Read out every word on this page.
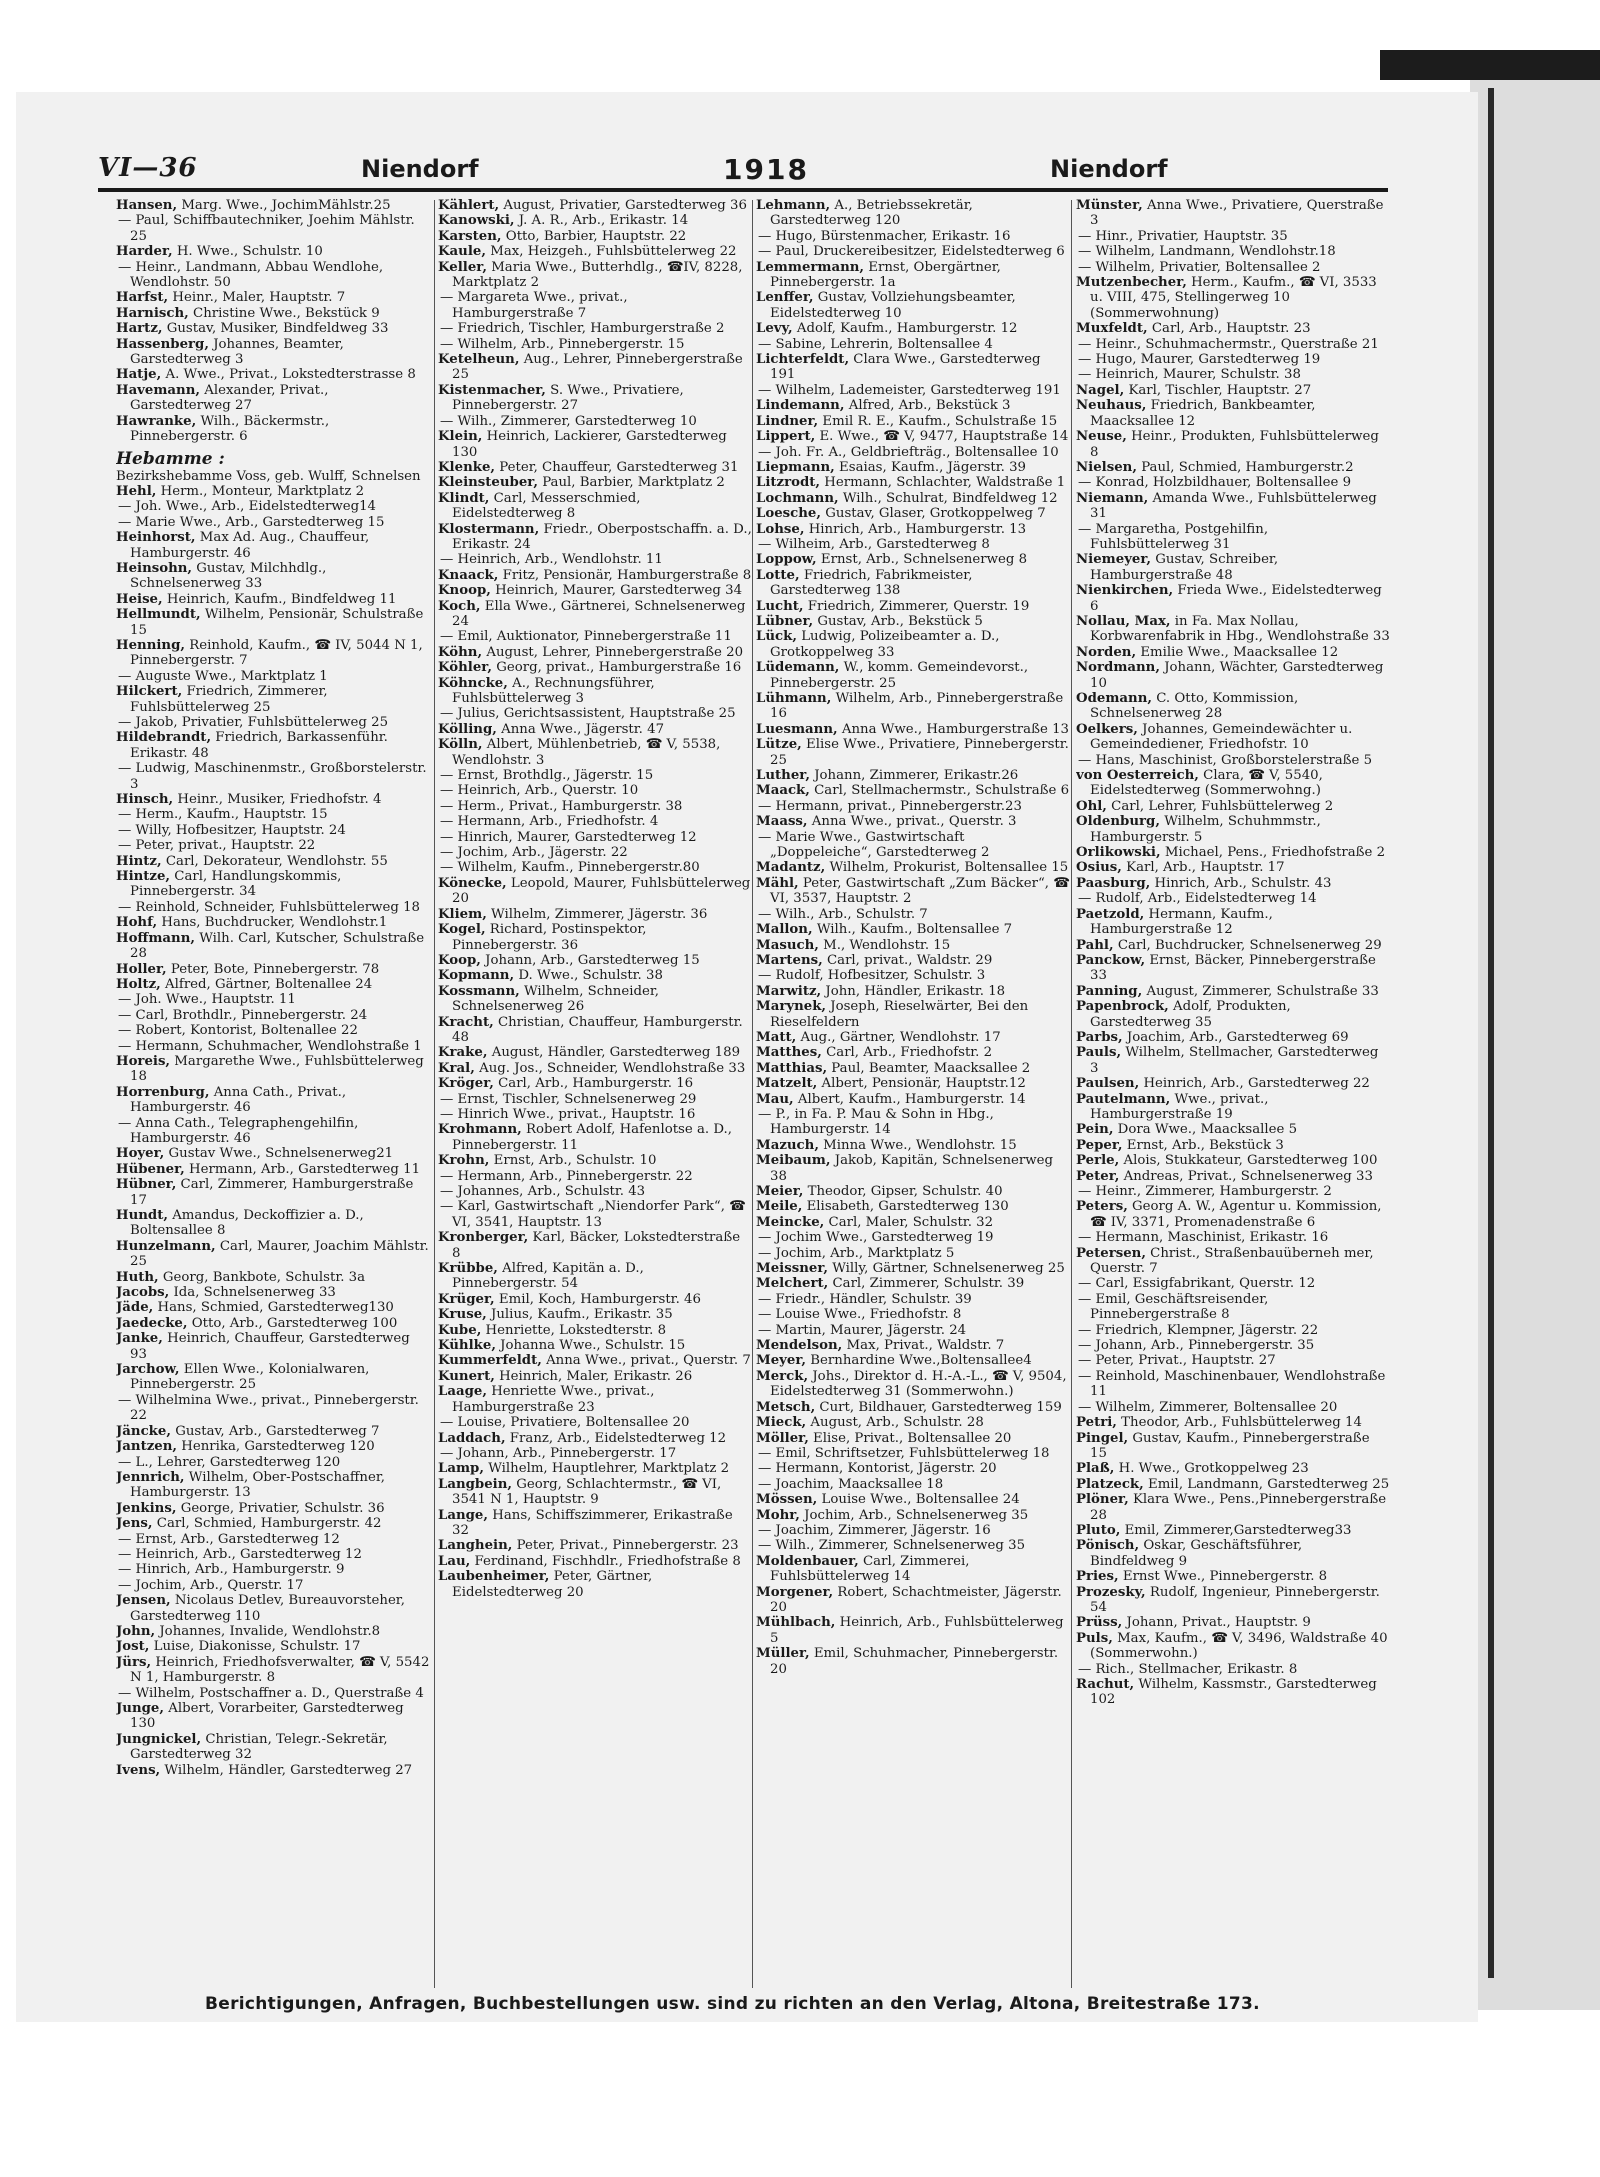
VI—36	Niendorf	1918	Niendorf

Hansen, Marg. Wwe., JochimMählstr.25

— Paul, Schiffbautechniker, Joehim Mählstr. 25

Harder, H. Wwe., Schulstr. 10

— Heinr., Landmann, Abbau Wendlohe, Wendlohstr. 50

Harfst, Heinr., Maler, Hauptstr. 7

Harnisch, Christine Wwe., Bekstück 9

Hartz, Gustav, Musiker, Bindfeldweg 33

Hassenberg, Johannes, Beamter, Garstedterweg 3

Hatje, A. Wwe., Privat., Lokstedterstrasse 8

Havemann, Alexander, Privat., Garstedterweg 27

Hawranke, Wilh., Bäckermstr., Pinnebergerstr. 6

Hebamme :

Bezirkshebamme Voss, geb. Wulff, Schnelsen

Hehl, Herm., Monteur, Marktplatz 2

— Joh. Wwe., Arb., Eidelstedterweg14

— Marie Wwe., Arb., Garstedterweg 15

Heinhorst, Max Ad. Aug., Chauffeur, Hamburgerstr. 46

Heinsohn, Gustav, Milchhdlg., Schnelsenerweg 33

Heise, Heinrich, Kaufm., Bindfeldweg 11

Hellmundt, Wilhelm, Pensionär, Schulstraße 15

Henning, Reinhold, Kaufm., ☎ IV, 5044 N 1, Pinnebergerstr. 7

— Auguste Wwe., Marktplatz 1

Hilckert, Friedrich, Zimmerer, Fuhlsbüttelerweg 25

— Jakob, Privatier, Fuhlsbüttelerweg 25

Hildebrandt, Friedrich, Barkassenführ. Erikastr. 48

— Ludwig, Maschinenmstr., Großborstelerstr. 3

Hinsch, Heinr., Musiker, Friedhofstr. 4

— Herm., Kaufm., Hauptstr. 15

— Willy, Hofbesitzer, Hauptstr. 24

— Peter, privat., Hauptstr. 22

Hintz, Carl, Dekorateur, Wendlohstr. 55

Hintze, Carl, Handlungskommis, Pinnebergerstr. 34

— Reinhold, Schneider, Fuhlsbüttelerweg 18

Hohf, Hans, Buchdrucker, Wendlohstr.1

Hoffmann, Wilh. Carl, Kutscher, Schulstraße 28

Holler, Peter, Bote, Pinnebergerstr. 78

Holtz, Alfred, Gärtner, Boltenallee 24

— Joh. Wwe., Hauptstr. 11

— Carl, Brothdlr., Pinnebergerstr. 24

— Robert, Kontorist, Boltenallee 22

— Hermann, Schuhmacher, Wendlohstraße 1

Horeis, Margarethe Wwe., Fuhlsbüttelerweg 18

Horrenburg, Anna Cath., Privat., Hamburgerstr. 46

— Anna Cath., Telegraphengehilfin, Hamburgerstr. 46

Hoyer, Gustav Wwe., Schnelsenerweg21

Hübener, Hermann, Arb., Garstedterweg 11

Hübner, Carl, Zimmerer, Hamburgerstraße 17

Hundt, Amandus, Deckoffizier a. D., Boltensallee 8

Hunzelmann, Carl, Maurer, Joachim Mählstr. 25

Huth, Georg, Bankbote, Schulstr. 3a

Jacobs, Ida, Schnelsenerweg 33

Jäde, Hans, Schmied, Garstedterweg130

Jaedecke, Otto, Arb., Garstedterweg 100

Janke, Heinrich, Chauffeur, Garstedterweg 93

Jarchow, Ellen Wwe., Kolonialwaren, Pinnebergerstr. 25

— Wilhelmina Wwe., privat., Pinnebergerstr. 22

Jäncke, Gustav, Arb., Garstedterweg 7

Jantzen, Henrika, Garstedterweg 120

— L., Lehrer, Garstedterweg 120

Jennrich, Wilhelm, Ober-Postschaffner, Hamburgerstr. 13

Jenkins, George, Privatier, Schulstr. 36

Jens, Carl, Schmied, Hamburgerstr. 42

— Ernst, Arb., Garstedterweg 12

— Heinrich, Arb., Garstedterweg 12

— Hinrich, Arb., Hamburgerstr. 9

— Jochim, Arb., Querstr. 17

Jensen, Nicolaus Detlev, Bureauvorsteher, Garstedterweg 110

John, Johannes, Invalide, Wendlohstr.8

Jost, Luise, Diakonisse, Schulstr. 17

Jürs, Heinrich, Friedhofsverwalter, ☎ V, 5542 N 1, Hamburgerstr. 8

— Wilhelm, Postschaffner a. D., Querstraße 4

Junge, Albert, Vorarbeiter, Garstedterweg 130

Jungnickel, Christian, Telegr.-Sekretär, Garstedterweg 32

Ivens, Wilhelm, Händler, Garstedterweg 27

Kählert, August, Privatier, Garstedterweg 36

Kanowski, J. A. R., Arb., Erikastr. 14

Karsten, Otto, Barbier, Hauptstr. 22

Kaule, Max, Heizgeh., Fuhlsbüttelerweg 22

Keller, Maria Wwe., Butterhdlg., ☎IV, 8228, Marktplatz 2

— Margareta Wwe., privat., Hamburgerstraße 7

— Friedrich, Tischler, Hamburgerstraße 2

— Wilhelm, Arb., Pinnebergerstr. 15

Ketelheun, Aug., Lehrer, Pinnebergerstraße 25

Kistenmacher, S. Wwe., Privatiere, Pinnebergerstr. 27

— Wilh., Zimmerer, Garstedterweg 10

Klein, Heinrich, Lackierer, Garstedterweg 130

Klenke, Peter, Chauffeur, Garstedterweg 31

Kleinsteuber, Paul, Barbier, Marktplatz 2

Klindt, Carl, Messerschmied, Eidelstedterweg 8

Klostermann, Friedr., Oberpostschaffn. a. D., Erikastr. 24

— Heinrich, Arb., Wendlohstr. 11

Knaack, Fritz, Pensionär, Hamburgerstraße 8

Knoop, Heinrich, Maurer, Garstedterweg 34

Koch, Ella Wwe., Gärtnerei, Schnelsenerweg 24

— Emil, Auktionator, Pinnebergerstraße 11

Köhn, August, Lehrer, Pinnebergerstraße 20

Köhler, Georg, privat., Hamburgerstraße 16

Köhncke, A., Rechnungsführer, Fuhlsbüttelerweg 3

— Julius, Gerichtsassistent, Hauptstraße 25

Kölling, Anna Wwe., Jägerstr. 47

Kölln, Albert, Mühlenbetrieb, ☎ V, 5538, Wendlohstr. 3

— Ernst, Brothdlg., Jägerstr. 15

— Heinrich, Arb., Querstr. 10

— Herm., Privat., Hamburgerstr. 38

— Hermann, Arb., Friedhofstr. 4

— Hinrich, Maurer, Garstedterweg 12

— Jochim, Arb., Jägerstr. 22

— Wilhelm, Kaufm., Pinnebergerstr.80

Könecke, Leopold, Maurer, Fuhlsbüttelerweg 20

Kliem, Wilhelm, Zimmerer, Jägerstr. 36

Kogel, Richard, Postinspektor, Pinnebergerstr. 36

Koop, Johann, Arb., Garstedterweg 15

Kopmann, D. Wwe., Schulstr. 38

Kossmann, Wilhelm, Schneider, Schnelsenerweg 26

Kracht, Christian, Chauffeur, Hamburgerstr. 48

Krake, August, Händler, Garstedterweg 189

Kral, Aug. Jos., Schneider, Wendlohstraße 33

Kröger, Carl, Arb., Hamburgerstr. 16

— Ernst, Tischler, Schnelsenerweg 29

— Hinrich Wwe., privat., Hauptstr. 16

Krohmann, Robert Adolf, Hafenlotse a. D., Pinnebergerstr. 11

Krohn, Ernst, Arb., Schulstr. 10

— Hermann, Arb., Pinnebergerstr. 22

— Johannes, Arb., Schulstr. 43

— Karl, Gastwirtschaft „Niendorfer Park“, ☎ VI, 3541, Hauptstr. 13

Kronberger, Karl, Bäcker, Lokstedterstraße 8

Krübbe, Alfred, Kapitän a. D., Pinnebergerstr. 54

Krüger, Emil, Koch, Hamburgerstr. 46

Kruse, Julius, Kaufm., Erikastr. 35

Kube, Henriette, Lokstedterstr. 8

Kühlke, Johanna Wwe., Schulstr. 15

Kummerfeldt, Anna Wwe., privat., Querstr. 7

Kunert, Heinrich, Maler, Erikastr. 26

Laage, Henriette Wwe., privat., Hamburgerstraße 23

— Louise, Privatiere, Boltensallee 20

Laddach, Franz, Arb., Eidelstedterweg 12

— Johann, Arb., Pinnebergerstr. 17

Lamp, Wilhelm, Hauptlehrer, Marktplatz 2

Langbein, Georg, Schlachtermstr., ☎ VI, 3541 N 1, Hauptstr. 9

Lange, Hans, Schiffszimmerer, Erikastraße 32

Langhein, Peter, Privat., Pinnebergerstr. 23

Lau, Ferdinand, Fischhdlr., Friedhofstraße 8

Laubenheimer, Peter, Gärtner, Eidelstedterweg 20

Lehmann, A., Betriebssekretär, Garstedterweg 120

— Hugo, Bürstenmacher, Erikastr. 16

— Paul, Druckereibesitzer, Eidelstedterweg 6

Lemmermann, Ernst, Obergärtner, Pinnebergerstr. 1a

Lenffer, Gustav, Vollziehungsbeamter, Eidelstedterweg 10

Levy, Adolf, Kaufm., Hamburgerstr. 12

— Sabine, Lehrerin, Boltensallee 4

Lichterfeldt, Clara Wwe., Garstedterweg 191

— Wilhelm, Lademeister, Garstedterweg 191

Lindemann, Alfred, Arb., Bekstück 3

Lindner, Emil R. E., Kaufm., Schulstraße 15

Lippert, E. Wwe., ☎ V, 9477, Hauptstraße 14

— Joh. Fr. A., Geldbriefträg., Boltensallee 10

Liepmann, Esaias, Kaufm., Jägerstr. 39

Litzrodt, Hermann, Schlachter, Waldstraße 1

Lochmann, Wilh., Schulrat, Bindfeldweg 12

Loesche, Gustav, Glaser, Grotkoppelweg 7

Lohse, Hinrich, Arb., Hamburgerstr. 13

— Wilheim, Arb., Garstedterweg 8

Loppow, Ernst, Arb., Schnelsenerweg 8

Lotte, Friedrich, Fabrikmeister, Garstedterweg 138

Lucht, Friedrich, Zimmerer, Querstr. 19

Lübner, Gustav, Arb., Bekstück 5

Lück, Ludwig, Polizeibeamter a. D., Grotkoppelweg 33

Lüdemann, W., komm. Gemeindevorst., Pinnebergerstr. 25

Lühmann, Wilhelm, Arb., Pinnebergerstraße 16

Luesmann, Anna Wwe., Hamburgerstraße 13

Lütze, Elise Wwe., Privatiere, Pinnebergerstr. 25

Luther, Johann, Zimmerer, Erikastr.26

Maack, Carl, Stellmachermstr., Schulstraße 6

— Hermann, privat., Pinnebergerstr.23

Maass, Anna Wwe., privat., Querstr. 3

— Marie Wwe., Gastwirtschaft „Doppeleiche“, Garstedterweg 2

Madantz, Wilhelm, Prokurist, Boltensallee 15

Mähl, Peter, Gastwirtschaft „Zum Bäcker“, ☎ VI, 3537, Hauptstr. 2

— Wilh., Arb., Schulstr. 7

Mallon, Wilh., Kaufm., Boltensallee 7

Masuch, M., Wendlohstr. 15

Martens, Carl, privat., Waldstr. 29

— Rudolf, Hofbesitzer, Schulstr. 3

Marwitz, John, Händler, Erikastr. 18

Marynek, Joseph, Rieselwärter, Bei den Rieselfeldern

Matt, Aug., Gärtner, Wendlohstr. 17

Matthes, Carl, Arb., Friedhofstr. 2

Matthias, Paul, Beamter, Maacksallee 2

Matzelt, Albert, Pensionär, Hauptstr.12

Mau, Albert, Kaufm., Hamburgerstr. 14

— P., in Fa. P. Mau & Sohn in Hbg., Hamburgerstr. 14

Mazuch, Minna Wwe., Wendlohstr. 15

Meibaum, Jakob, Kapitän, Schnelsenerweg 38

Meier, Theodor, Gipser, Schulstr. 40

Meile, Elisabeth, Garstedterweg 130

Meincke, Carl, Maler, Schulstr. 32

— Jochim Wwe., Garstedterweg 19

— Jochim, Arb., Marktplatz 5

Meissner, Willy, Gärtner, Schnelsenerweg 25

Melchert, Carl, Zimmerer, Schulstr. 39

— Friedr., Händler, Schulstr. 39

— Louise Wwe., Friedhofstr. 8

— Martin, Maurer, Jägerstr. 24

Mendelson, Max, Privat., Waldstr. 7

Meyer, Bernhardine Wwe.,Boltensallee4

Merck, Johs., Direktor d. H.-A.-L., ☎ V, 9504, Eidelstedterweg 31 (Sommerwohn.)

Metsch, Curt, Bildhauer, Garstedterweg 159

Mieck, August, Arb., Schulstr. 28

Möller, Elise, Privat., Boltensallee 20

— Emil, Schriftsetzer, Fuhlsbüttelerweg 18

— Hermann, Kontorist, Jägerstr. 20

— Joachim, Maacksallee 18

Mössen, Louise Wwe., Boltensallee 24

Mohr, Jochim, Arb., Schnelsenerweg 35

— Joachim, Zimmerer, Jägerstr. 16

— Wilh., Zimmerer, Schnelsenerweg 35

Moldenbauer, Carl, Zimmerei, Fuhlsbüttelerweg 14

Morgener, Robert, Schachtmeister, Jägerstr. 20

Mühlbach, Heinrich, Arb., Fuhlsbüttelerweg 5

Müller, Emil, Schuhmacher, Pinnebergerstr. 20

Münster, Anna Wwe., Privatiere, Querstraße 3

— Hinr., Privatier, Hauptstr. 35

— Wilhelm, Landmann, Wendlohstr.18

— Wilhelm, Privatier, Boltensallee 2

Mutzenbecher, Herm., Kaufm., ☎ VI, 3533 u. VIII, 475, Stellingerweg 10 (Sommerwohnung)

Muxfeldt, Carl, Arb., Hauptstr. 23

— Heinr., Schuhmachermstr., Querstraße 21

— Hugo, Maurer, Garstedterweg 19

— Heinrich, Maurer, Schulstr. 38

Nagel, Karl, Tischler, Hauptstr. 27

Neuhaus, Friedrich, Bankbeamter, Maacksallee 12

Neuse, Heinr., Produkten, Fuhlsbüttelerweg 8

Nielsen, Paul, Schmied, Hamburgerstr.2

— Konrad, Holzbildhauer, Boltensallee 9

Niemann, Amanda Wwe., Fuhlsbüttelerweg 31

— Margaretha, Postgehilfin, Fuhlsbüttelerweg 31

Niemeyer, Gustav, Schreiber, Hamburgerstraße 48

Nienkirchen, Frieda Wwe., Eidelstedterweg 6

Nollau, Max, in Fa. Max Nollau, Korbwarenfabrik in Hbg., Wendlohstraße 33

Norden, Emilie Wwe., Maacksallee 12

Nordmann, Johann, Wächter, Garstedterweg 10

Odemann, C. Otto, Kommission, Schnelsenerweg 28

Oelkers, Johannes, Gemeindewächter u. Gemeindediener, Friedhofstr. 10

— Hans, Maschinist, Großborstelerstraße 5

von Oesterreich, Clara, ☎ V, 5540, Eidelstedterweg (Sommerwohng.)

Ohl, Carl, Lehrer, Fuhlsbüttelerweg 2

Oldenburg, Wilhelm, Schuhmmstr., Hamburgerstr. 5

Orlikowski, Michael, Pens., Friedhofstraße 2

Osius, Karl, Arb., Hauptstr. 17

Paasburg, Hinrich, Arb., Schulstr. 43

— Rudolf, Arb., Eidelstedterweg 14

Paetzold, Hermann, Kaufm., Hamburgerstraße 12

Pahl, Carl, Buchdrucker, Schnelsenerweg 29

Panckow, Ernst, Bäcker, Pinnebergerstraße 33

Panning, August, Zimmerer, Schulstraße 33

Papenbrock, Adolf, Produkten, Garstedterweg 35

Parbs, Joachim, Arb., Garstedterweg 69

Pauls, Wilhelm, Stellmacher, Garstedterweg 3

Paulsen, Heinrich, Arb., Garstedterweg 22

Pautelmann, Wwe., privat., Hamburgerstraße 19

Pein, Dora Wwe., Maacksallee 5

Peper, Ernst, Arb., Bekstück 3

Perle, Alois, Stukkateur, Garstedterweg 100

Peter, Andreas, Privat., Schnelsenerweg 33

— Heinr., Zimmerer, Hamburgerstr. 2

Peters, Georg A. W., Agentur u. Kommission, ☎ IV, 3371, Promenadenstraße 6

— Hermann, Maschinist, Erikastr. 16

Petersen, Christ., Straßenbauüberneh mer, Querstr. 7

— Carl, Essigfabrikant, Querstr. 12

— Emil, Geschäftsreisender, Pinnebergerstraße 8

— Friedrich, Klempner, Jägerstr. 22

— Johann, Arb., Pinnebergerstr. 35

— Peter, Privat., Hauptstr. 27

— Reinhold, Maschinenbauer, Wendlohstraße 11

— Wilhelm, Zimmerer, Boltensallee 20

Petri, Theodor, Arb., Fuhlsbüttelerweg 14

Pingel, Gustav, Kaufm., Pinnebergerstraße 15

Plaß, H. Wwe., Grotkoppelweg 23

Platzeck, Emil, Landmann, Garstedterweg 25

Plöner, Klara Wwe., Pens.,Pinnebergerstraße 28

Pluto, Emil, Zimmerer,Garstedterweg33

Pönisch, Oskar, Geschäftsführer, Bindfeldweg 9

Pries, Ernst Wwe., Pinnebergerstr. 8

Prozesky, Rudolf, Ingenieur, Pinnebergerstr. 54

Prüss, Johann, Privat., Hauptstr. 9

Puls, Max, Kaufm., ☎ V, 3496, Waldstraße 40 (Sommerwohn.)

— Rich., Stellmacher, Erikastr. 8

Rachut, Wilhelm, Kassmstr., Garstedterweg 102

Berichtigungen, Anfragen, Buchbestellungen usw. sind zu richten an den Verlag, Altona, Breitestraße 173.
